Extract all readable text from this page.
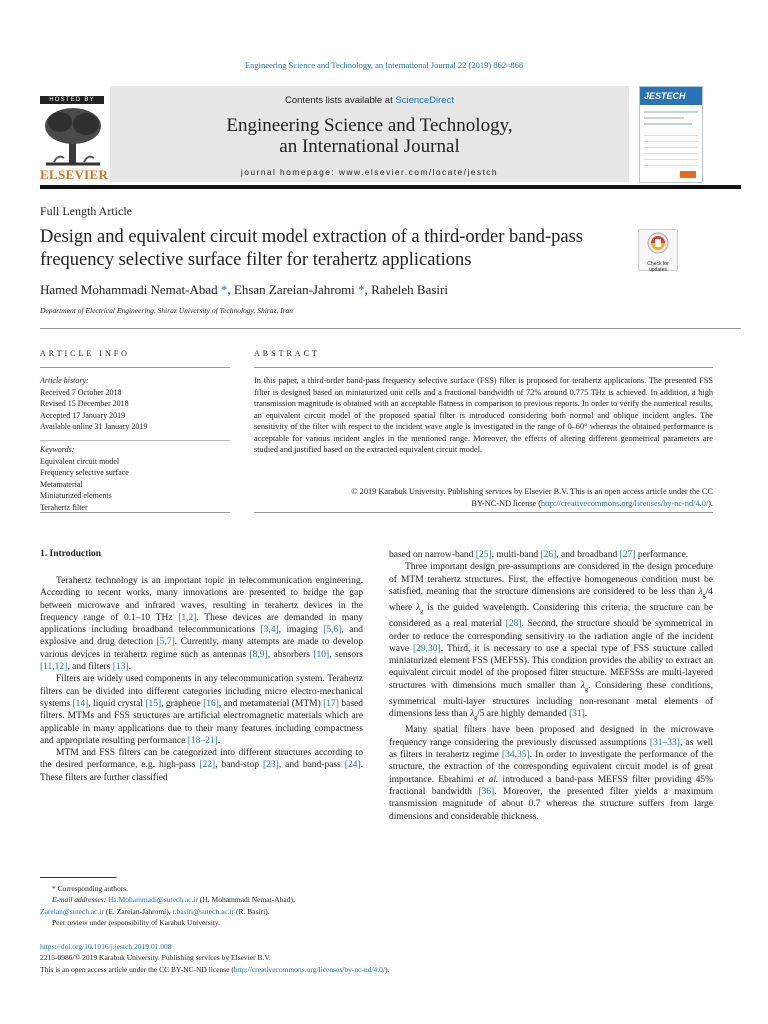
Engineering Science and Technology, an International Journal 22 (2019) 862–868
HOSTED BY
ELSEVIER
Contents lists available at ScienceDirect
Engineering Science and Technology,
an International Journal
journal homepage: www.elsevier.com/locate/jestch
JESTECH
Full Length Article
Design and equivalent circuit model extraction of a third-order band-pass frequency selective surface filter for terahertz applications	Check for updates
Hamed Mohammadi Nemat-Abad *, Ehsan Zareian-Jahromi *, Raheleh Basiri
Department of Electrical Engineering, Shiraz University of Technology, Shiraz, Iran
ARTICLE INFO
Article history:
Received 7 October 2018
Revised 15 December 2018
Accepted 17 January 2019
Available online 31 January 2019
Keywords:
Equivalent circuit model
Frequency selective surface
Metamaterial
Miniaturized elements
Terahertz filter
ABSTRACT
In this paper, a third-order band-pass frequency selective surface (FSS) filter is proposed for terahertz applications. The presented FSS filter is designed based on miniaturized unit cells and a fractional bandwidth of 72% around 0.775 THz is achieved. In addition, a high transmission magnitude is obtained with an acceptable flatness in comparison to previous reports. In order to verify the numerical results, an equivalent circuit model of the proposed spatial filter is introduced considering both normal and oblique incident angles. The sensitivity of the filter with respect to the incident wave angle is investigated in the range of 0–60° whereas the obtained performance is acceptable for various incident angles in the mentioned range. Moreover, the effects of altering different geometrical parameters are studied and justified based on the extracted equivalent circuit model.
© 2019 Karabuk University. Publishing services by Elsevier B.V. This is an open access article under the CC
BY-NC-ND license (http://creativecommons.org/licenses/by-nc-nd/4.0/).
1. Introduction

Terahertz technology is an important topic in telecommunication engineering. According to recent works, many innovations are presented to bridge the gap between microwave and infrared waves, resulting in terahertz devices in the frequency range of 0.1–10 THz [1,2]. These devices are demanded in many applications including broadband telecommunications [3,4], imaging [5,6], and explosive and drug detection [5,7]. Currently, many attempts are made to develop various devices in terahertz regime such as antennas [8,9], absorbers [10], sensors [11,12], and filters [13].

Filters are widely used components in any telecommunication system. Terahertz filters can be divided into different categories including micro electro-mechanical systems [14], liquid crystal [15], graphene [16], and metamaterial (MTM) [17] based filters. MTMs and FSS structures are artificial electromagnetic materials which are applicable in many applications due to their many features including compactness and appropriate resulting performance [18–21].

MTM and FSS filters can be categorized into different structures according to the desired performance, e.g. high-pass [22], band-stop [23], and band-pass [24]. These filters are further classified

based on narrow-band [25], multi-band [26], and broadband [27] performance.

Three important design pre-assumptions are considered in the design procedure of MTM terahertz structures. First, the effective homogeneous condition must be satisfied, meaning that the structure dimensions are considered to be less than $\lambda_g/4$ where $\lambda_g$ is the guided wavelength. Considering this criteria, the structure can be considered as a real material [28]. Second, the structure should be symmetrical in order to reduce the corresponding sensitivity to the radiation angle of the incident wave [29,30]. Third, it is necessary to use a special type of FSS structure called miniaturized element FSS (MEFSS). This condition provides the ability to extract an equivalent circuit model of the proposed filter structure. MEFSSs are multi-layered structures with dimensions much smaller than $\lambda_g$. Considering these conditions, symmetrical multi-layer structures including non-resonant metal elements of dimensions less than $\lambda_g/5$ are highly demanded [31].

Many spatial filters have been proposed and designed in the microwave frequency range considering the previously discussed assumptions [31–33], as well as filters in terahertz regime [34,35]. In order to investigate the performance of the structure, the extraction of the corresponding equivalent circuit model is of great importance. Ebrahimi et al. introduced a band-pass MEFSS filter providing 45% fractional bandwidth [36]. Moreover, the presented filter yields a maximum transmission magnitude of about 0.7 whereas the structure suffers from large dimensions and considerable thickness.

* Corresponding authors.
E-mail addresses: Ha.Mohammadi@sutech.ac.ir (H. Mohammadi Nemat-Abad),
Zareian@sutech.ac.ir (E. Zareian-Jahromi), r.basiri@sutech.ac.ir (R. Basiri).
Peer review under responsibility of Karabuk University.
https://doi.org/10.1016/j.jestch.2019.01.008
2215-0986/© 2019 Karabuk University. Publishing services by Elsevier B.V.
This is an open access article under the CC BY-NC-ND license (http://creativecommons.org/licenses/by-nc-nd/4.0/).
